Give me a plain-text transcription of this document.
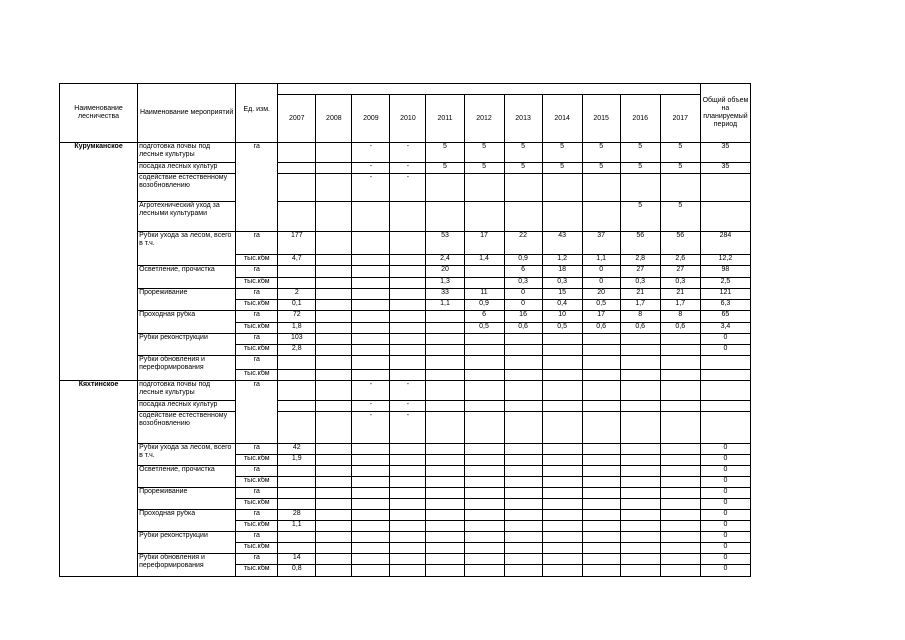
Наименование лесничества	Наименование мероприятий	Ед. изм.												Общий объем на планируемый период
			2007	2008	2009	2010	2011	2012	2013	2014	2015	2016	2017	
Курумканское	подготовка почвы под лесные культуры	га			-	-	5	5	5	5	5	5	5	35
	посадка лесных культур				-	-	5	5	5	5	5	5	5	35
	содействие естественному возобновлению				-	-								
	Агротехнический уход за лесными культурами											5	5	
	Рубки ухода за лесом, всего в т.ч.	га	177				53	17	22	43	37	56	56	284
		тыс.кбм	4,7				2,4	1,4	0,9	1,2	1,1	2,8	2,6	12,2
	Осветление, прочистка	га					20		6	18	0	27	27	98
		тыс.кбм					1,3		0,3	0,3	0	0,3	0,3	2,5
	Прореживание	га	2				33	11	0	15	20	21	21	121
		тыс.кбм	0,1				1,1	0,9	0	0,4	0,5	1,7	1,7	6,3
	Проходная рубка	га	72					6	16	10	17	8	8	65
		тыс.кбм	1,8					0,5	0,6	0,5	0,6	0,6	0,6	3,4
	Рубки реконструкции	га	103											0
		тыс.кбм	2,8											0
	Рубки обновления и переформирования	га												
		тыс.кбм												
Кяхтинское	подготовка почвы под лесные культуры	га			-	-								
	посадка лесных культур				-	-								
	содействие естественному возобновлению				-	-								
	Рубки ухода за лесом, всего в т.ч.	га	42											0
		тыс.кбм	1,9											0
	Осветление, прочистка	га												0
		тыс.кбм												0
	Прореживание	га												0
		тыс.кбм												0
	Проходная рубка	га	28											0
		тыс.кбм	1,1											0
	Рубки реконструкции	га												0
		тыс.кбм												0
	Рубки обновления и переформирования	га	14											0
		тыс.кбм	0,8											0
